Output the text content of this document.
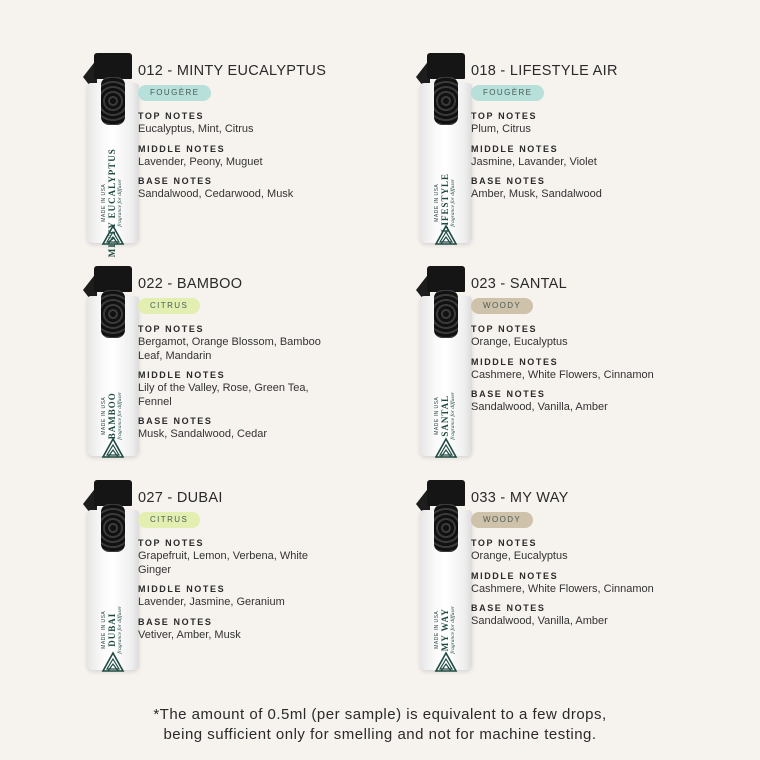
MADE IN USA MINTY EUCALYPTUS fragrance for diffuser
012 - MINTY EUCALYPTUS
FOUGÈRE
TOP NOTES
Eucalyptus, Mint, Citrus
MIDDLE NOTES
Lavender, Peony, Muguet
BASE NOTES
Sandalwood, Cedarwood, Musk	MADE IN USA LIFESTYLE fragrance for diffuser
018 - LIFESTYLE AIR
FOUGÈRE
TOP NOTES
Plum, Citrus
MIDDLE NOTES
Jasmine, Lavander, Violet
BASE NOTES
Amber, Musk, Sandalwood
MADE IN USA BAMBOO fragrance for diffuser
022 - BAMBOO
CITRUS
TOP NOTES
Bergamot, Orange Blossom, Bamboo Leaf, Mandarin
MIDDLE NOTES
Lily of the Valley, Rose, Green Tea, Fennel
BASE NOTES
Musk, Sandalwood, Cedar	MADE IN USA SANTAL fragrance for diffuser
023 - SANTAL
WOODY
TOP NOTES
Orange, Eucalyptus
MIDDLE NOTES
Cashmere, White Flowers, Cinnamon
BASE NOTES
Sandalwood, Vanilla, Amber
MADE IN USA DUBAI fragrance for diffuser
027 - DUBAI
CITRUS
TOP NOTES
Grapefruit, Lemon, Verbena, White Ginger
MIDDLE NOTES
Lavender, Jasmine, Geranium
BASE NOTES
Vetiver, Amber, Musk	MADE IN USA MY WAY fragrance for diffuser
033 - MY WAY
WOODY
TOP NOTES
Orange, Eucalyptus
MIDDLE NOTES
Cashmere, White Flowers, Cinnamon
BASE NOTES
Sandalwood, Vanilla, Amber
*The amount of 0.5ml (per sample) is equivalent to a few drops,
being sufficient only for smelling and not for machine testing.
